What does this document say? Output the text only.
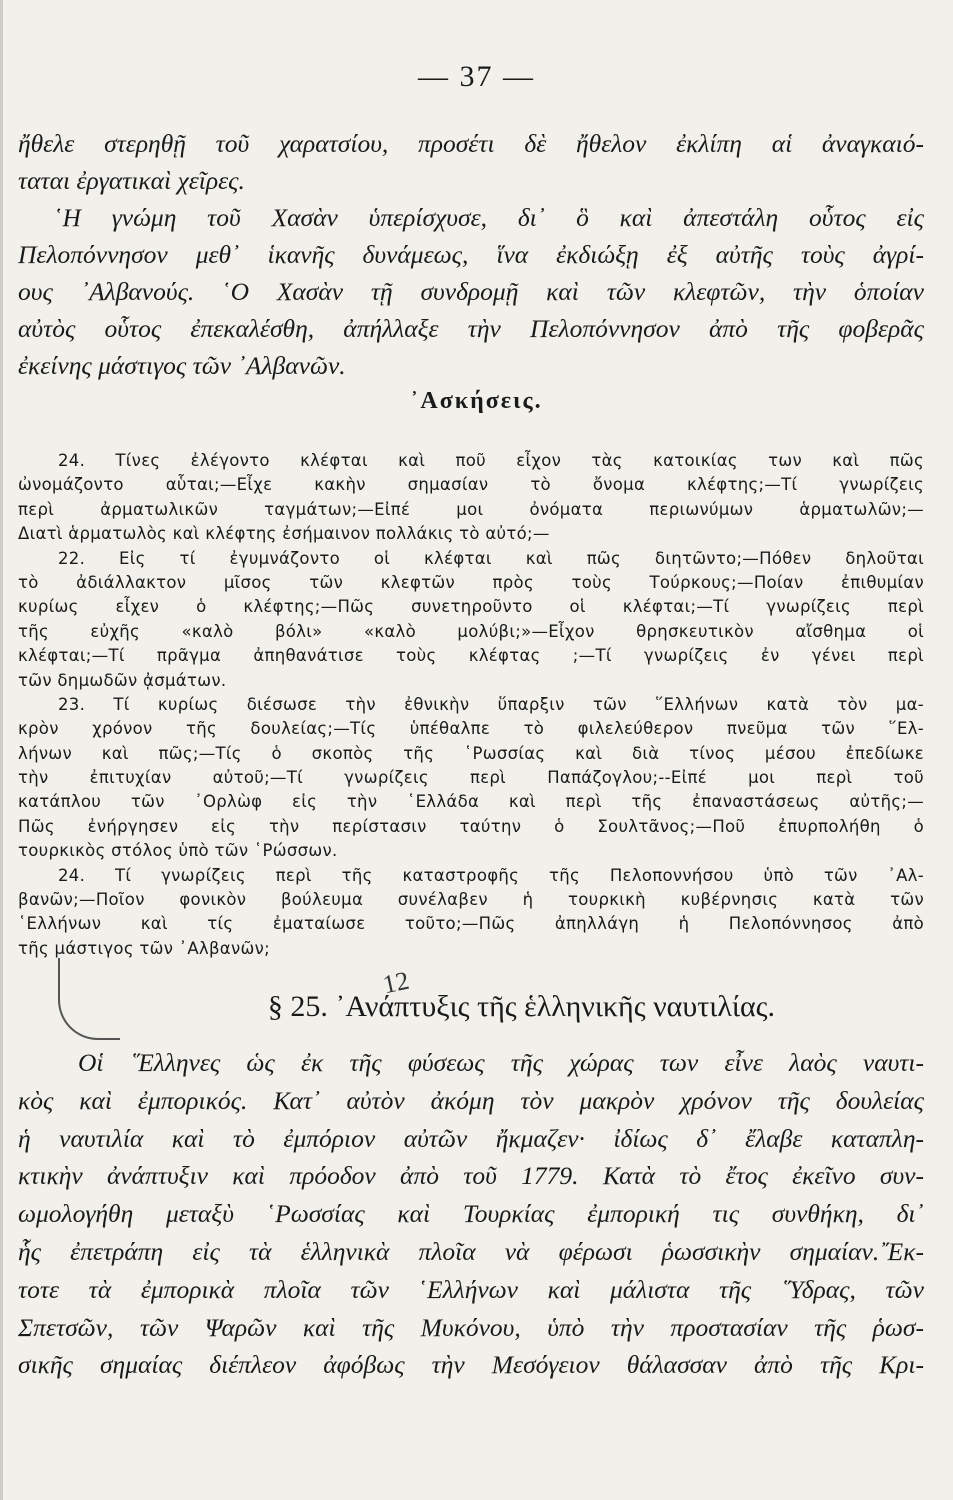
— 37 —
ἤθελε στερηθῇ τοῦ χαρατσίου, προσέτι δὲ ἤθελον ἐκλίπη αἱ ἀναγκαιό-
ταται ἐργατικαὶ χεῖρες.
῾Η γνώμη τοῦ Χασὰν ὑπερίσχυσε, δι᾿ ὃ καὶ ἀπεστάλη οὗτος εἰς
Πελοπόννησον μεθ᾿ ἱκανῆς δυνάμεως, ἵνα ἐκδιώξῃ ἐξ αὐτῆς τοὺς ἀγρί-
ους ᾿Αλβανούς. ῾Ο Χασὰν τῇ συνδρομῇ καὶ τῶν κλεφτῶν, τὴν ὁποίαν
αὐτὸς οὗτος ἐπεκαλέσθη, ἀπήλλαξε τὴν Πελοπόννησον ἀπὸ τῆς φοβερᾶς
ἐκείνης μάστιγος τῶν ᾿Αλβανῶν.
᾿Ασκήσεις.
24. Τίνες ἐλέγοντο κλέφται καὶ ποῦ εἶχον τὰς κατοικίας των καὶ πῶς
ὠνομάζοντο αὗται;—Εἶχε κακὴν σημασίαν τὸ ὄνομα κλέφτης;—Τί γνωρίζεις
περὶ ἀρματωλικῶν ταγμάτων;—Εἰπέ μοι ὀνόματα περιωνύμων ἁρματωλῶν;—
Διατὶ ἁρματωλὸς καὶ κλέφτης ἐσήμαινον πολλάκις τὸ αὐτό;—
22. Εἰς τί ἐγυμνάζοντο οἱ κλέφται καὶ πῶς διητῶντο;—Πόθεν δηλοῦται
τὸ ἀδιάλλακτον μῖσος τῶν κλεφτῶν πρὸς τοὺς Τούρκους;—Ποίαν ἐπιθυμίαν
κυρίως εἶχεν ὁ κλέφτης;—Πῶς συνετηροῦντο οἱ κλέφται;—Τί γνωρίζεις περὶ
τῆς εὐχῆς «καλὸ βόλι» «καλὸ μολύβι;»—Εἶχον θρησκευτικὸν αἴσθημα οἱ
κλέφται;—Τί πρᾶγμα ἀπηθανάτισε τοὺς κλέφτας ;—Τί γνωρίζεις ἐν γένει περὶ
τῶν δημωδῶν ᾀσμάτων.
23. Τί κυρίως διέσωσε τὴν ἐθνικὴν ὕπαρξιν τῶν ῞Ελλήνων κατὰ τὸν μα-
κρὸν χρόνον τῆς δουλείας;—Τίς ὑπέθαλπε τὸ φιλελεύθερον πνεῦμα τῶν ῞Ελ-
λήνων καὶ πῶς;—Τίς ὁ σκοπὸς τῆς ῾Ρωσσίας καὶ διὰ τίνος μέσου ἐπεδίωκε
τὴν ἐπιτυχίαν αὐτοῦ;—Τί γνωρίζεις περὶ Παπάζογλου;--Εἰπέ μοι περὶ τοῦ
κατάπλου τῶν ᾿Ορλὼφ εἰς τὴν ῾Ελλάδα καὶ περὶ τῆς ἐπαναστάσεως αὐτῆς;—
Πῶς ἐνήργησεν εἰς τὴν περίστασιν ταύτην ὁ Σουλτᾶνος;—Ποῦ ἐπυρπολήθη ὁ
τουρκικὸς στόλος ὑπὸ τῶν ῾Ρώσσων.
24. Τί γνωρίζεις περὶ τῆς καταστροφῆς τῆς Πελοποννήσου ὑπὸ τῶν ᾿Αλ-
βανῶν;—Ποῖον φονικὸν βούλευμα συνέλαβεν ἡ τουρκικὴ κυβέρνησις κατὰ τῶν
῾Ελλήνων καὶ τίς ἐματαίωσε τοῦτο;—Πῶς ἀπηλλάγη ἡ Πελοπόννησος ἀπὸ
τῆς μάστιγος τῶν ᾿Αλβανῶν;
12
§ 25. ᾿Ανάπτυξις τῆς ἑλληνικῆς ναυτιλίας.
Οἱ ῞Ελληνες ὡς ἐκ τῆς φύσεως τῆς χώρας των εἶνε λαὸς ναυτι-
κὸς καὶ ἐμπορικός. Κατ᾿ αὐτὸν ἀκόμη τὸν μακρὸν χρόνον τῆς δουλείας
ἡ ναυτιλία καὶ τὸ ἐμπόριον αὐτῶν ἤκμαζεν· ἰδίως δ᾿ ἔλαβε καταπλη-
κτικὴν ἀνάπτυξιν καὶ πρόοδον ἀπὸ τοῦ 1779. Κατὰ τὸ ἔτος ἐκεῖνο συν-
ωμολογήθη μεταξὺ ῾Ρωσσίας καὶ Τουρκίας ἐμπορική τις συνθήκη, δι᾿
ἧς ἐπετράπη εἰς τὰ ἑλληνικὰ πλοῖα νὰ φέρωσι ῥωσσικὴν σημαίαν.῎Εκ-
τοτε τὰ ἐμπορικὰ πλοῖα τῶν ῾Ελλήνων καὶ μάλιστα τῆς ῞Υδρας, τῶν
Σπετσῶν, τῶν Ψαρῶν καὶ τῆς Μυκόνου, ὑπὸ τὴν προστασίαν τῆς ῥωσ-
σικῆς σημαίας διέπλεον ἀφόβως τὴν Μεσόγειον θάλασσαν ἀπὸ τῆς Κρι-
